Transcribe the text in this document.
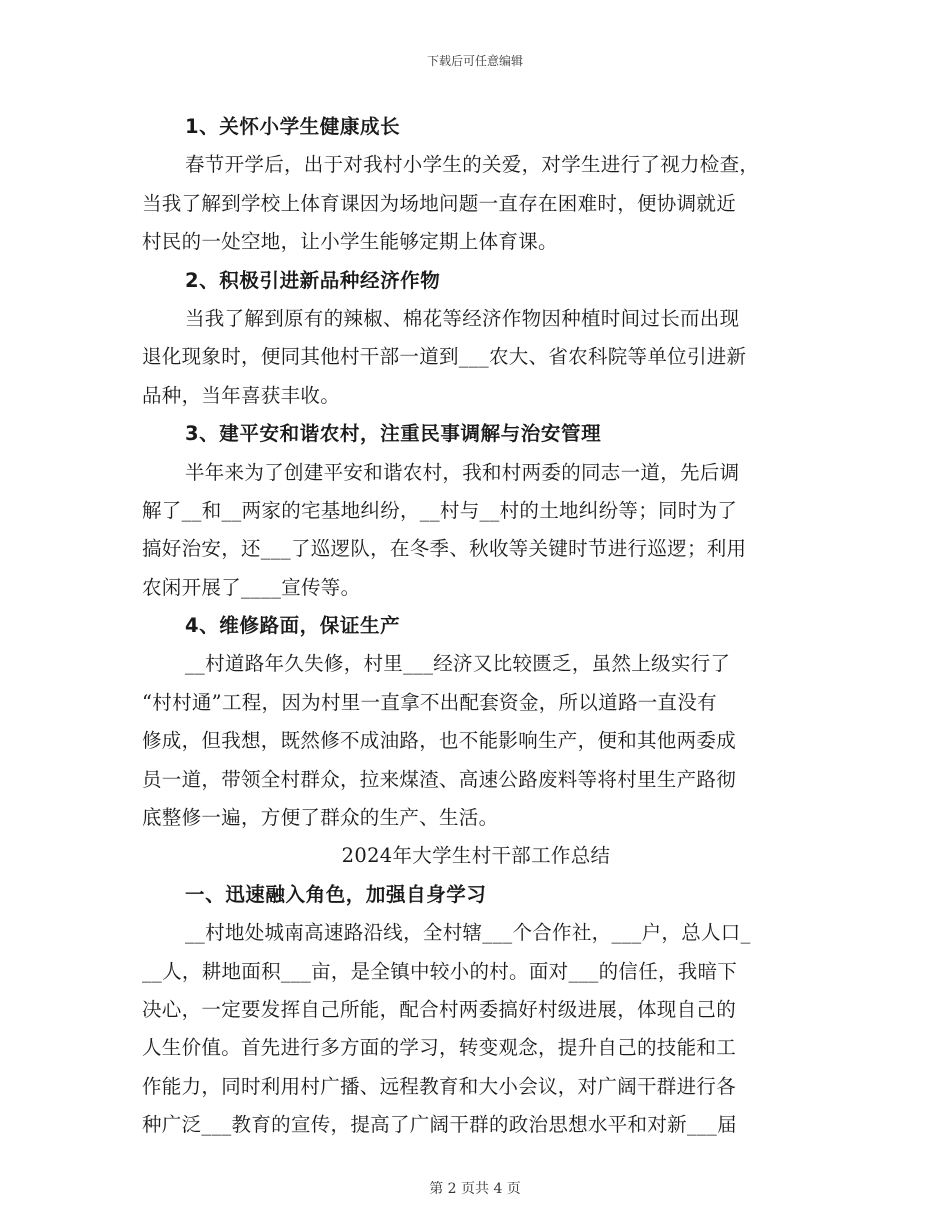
下载后可任意编辑
1、关怀小学生健康成长
春节开学后，出于对我村小学生的关爱，对学生进行了视力检查，
当我了解到学校上体育课因为场地问题一直存在困难时，便协调就近
村民的一处空地，让小学生能够定期上体育课。
2、积极引进新品种经济作物
当我了解到原有的辣椒、棉花等经济作物因种植时间过长而出现
退化现象时，便同其他村干部一道到___农大、省农科院等单位引进新
品种，当年喜获丰收。
3、建平安和谐农村，注重民事调解与治安管理
半年来为了创建平安和谐农村，我和村两委的同志一道，先后调
解了__和__两家的宅基地纠纷，__村与__村的土地纠纷等；同时为了
搞好治安，还___了巡逻队，在冬季、秋收等关键时节进行巡逻；利用
农闲开展了____宣传等。
4、维修路面，保证生产
__村道路年久失修，村里___经济又比较匮乏，虽然上级实行了
“村村通”工程，因为村里一直拿不出配套资金，所以道路一直没有
修成，但我想，既然修不成油路，也不能影响生产，便和其他两委成
员一道，带领全村群众，拉来煤渣、高速公路废料等将村里生产路彻
底整修一遍，方便了群众的生产、生活。
2024年大学生村干部工作总结
一、迅速融入角色，加强自身学习
__村地处城南高速路沿线，全村辖___个合作社，___户，总人口_
__人，耕地面积___亩，是全镇中较小的村。面对___的信任，我暗下
决心，一定要发挥自己所能，配合村两委搞好村级进展，体现自己的
人生价值。首先进行多方面的学习，转变观念，提升自己的技能和工
作能力，同时利用村广播、远程教育和大小会议，对广阔干群进行各
种广泛___教育的宣传，提高了广阔干群的政治思想水平和对新___届
第 2 页共 4 页
